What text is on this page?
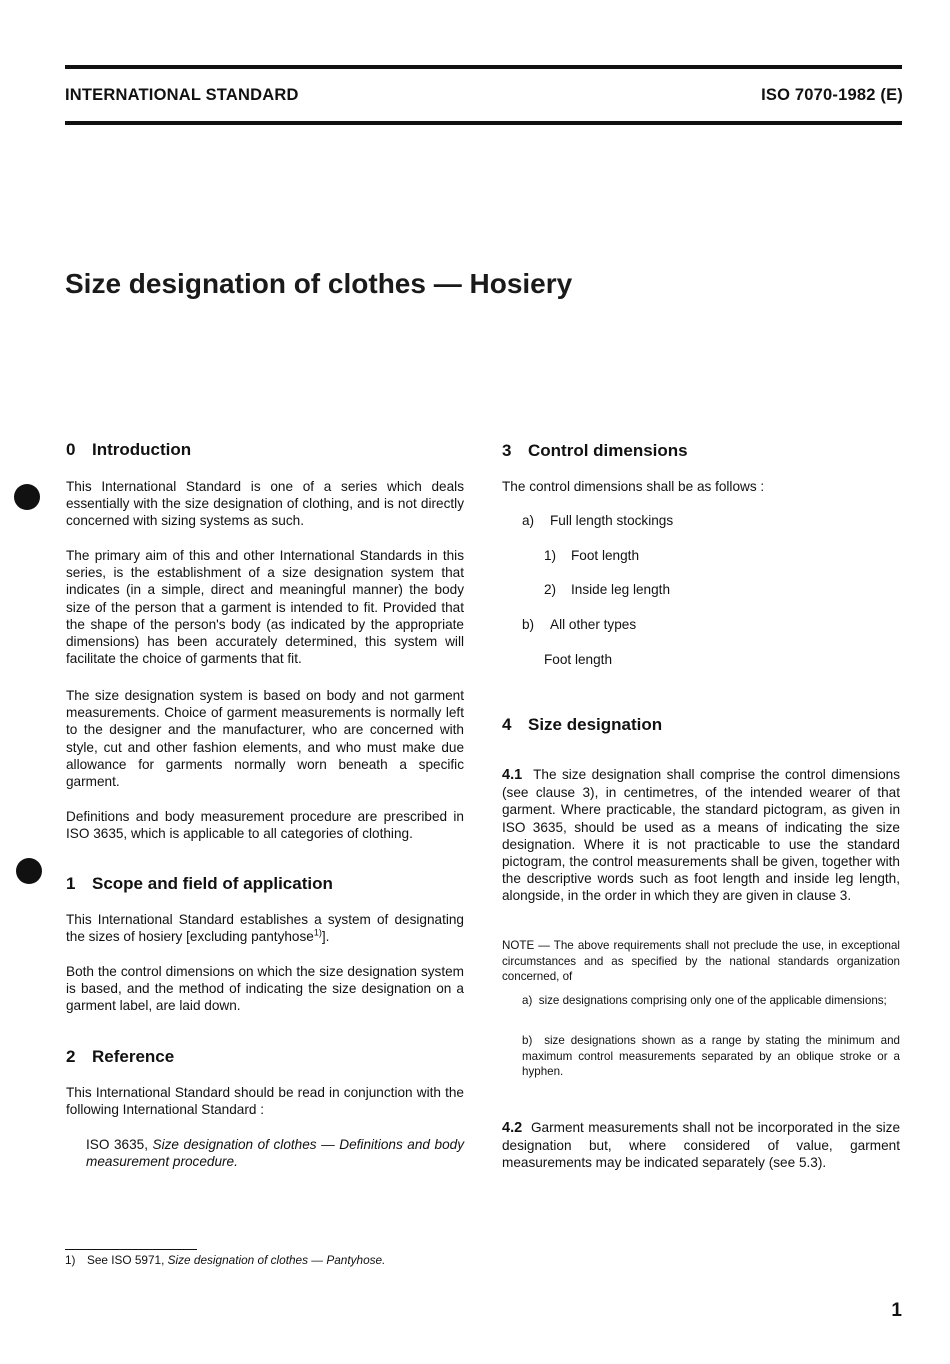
INTERNATIONAL STANDARD	ISO 7070-1982 (E)
Size designation of clothes — Hosiery
0 Introduction
This International Standard is one of a series which deals essentially with the size designation of clothing, and is not directly concerned with sizing systems as such.
The primary aim of this and other International Standards in this series, is the establishment of a size designation system that indicates (in a simple, direct and meaningful manner) the body size of the person that a garment is intended to fit. Provided that the shape of the person's body (as indicated by the appropriate dimensions) has been accurately determined, this system will facilitate the choice of garments that fit.
The size designation system is based on body and not garment measurements. Choice of garment measurements is normally left to the designer and the manufacturer, who are concerned with style, cut and other fashion elements, and who must make due allowance for garments normally worn beneath a specific garment.
Definitions and body measurement procedure are prescribed in ISO 3635, which is applicable to all categories of clothing.
1 Scope and field of application
This International Standard establishes a system of designating the sizes of hosiery [excluding pantyhose$^{1)}$].
Both the control dimensions on which the size designation system is based, and the method of indicating the size designation on a garment label, are laid down.
2 Reference
This International Standard should be read in conjunction with the following International Standard :
ISO 3635, Size designation of clothes — Definitions and body measurement procedure.
3 Control dimensions
The control dimensions shall be as follows :
a) Full length stockings
1) Foot length
2) Inside leg length
b) All other types
Foot length
4 Size designation
4.1 The size designation shall comprise the control dimensions (see clause 3), in centimetres, of the intended wearer of that garment. Where practicable, the standard pictogram, as given in ISO 3635, should be used as a means of indicating the size designation. Where it is not practicable to use the standard pictogram, the control measurements shall be given, together with the descriptive words such as foot length and inside leg length, alongside, in the order in which they are given in clause 3.
NOTE — The above requirements shall not preclude the use, in exceptional circumstances and as specified by the national standards organization concerned, of
a) size designations comprising only one of the applicable dimensions;
b) size designations shown as a range by stating the minimum and maximum control measurements separated by an oblique stroke or a hyphen.
4.2 Garment measurements shall not be incorporated in the size designation but, where considered of value, garment measurements may be indicated separately (see 5.3).
1) See ISO 5971, Size designation of clothes — Pantyhose.
1
